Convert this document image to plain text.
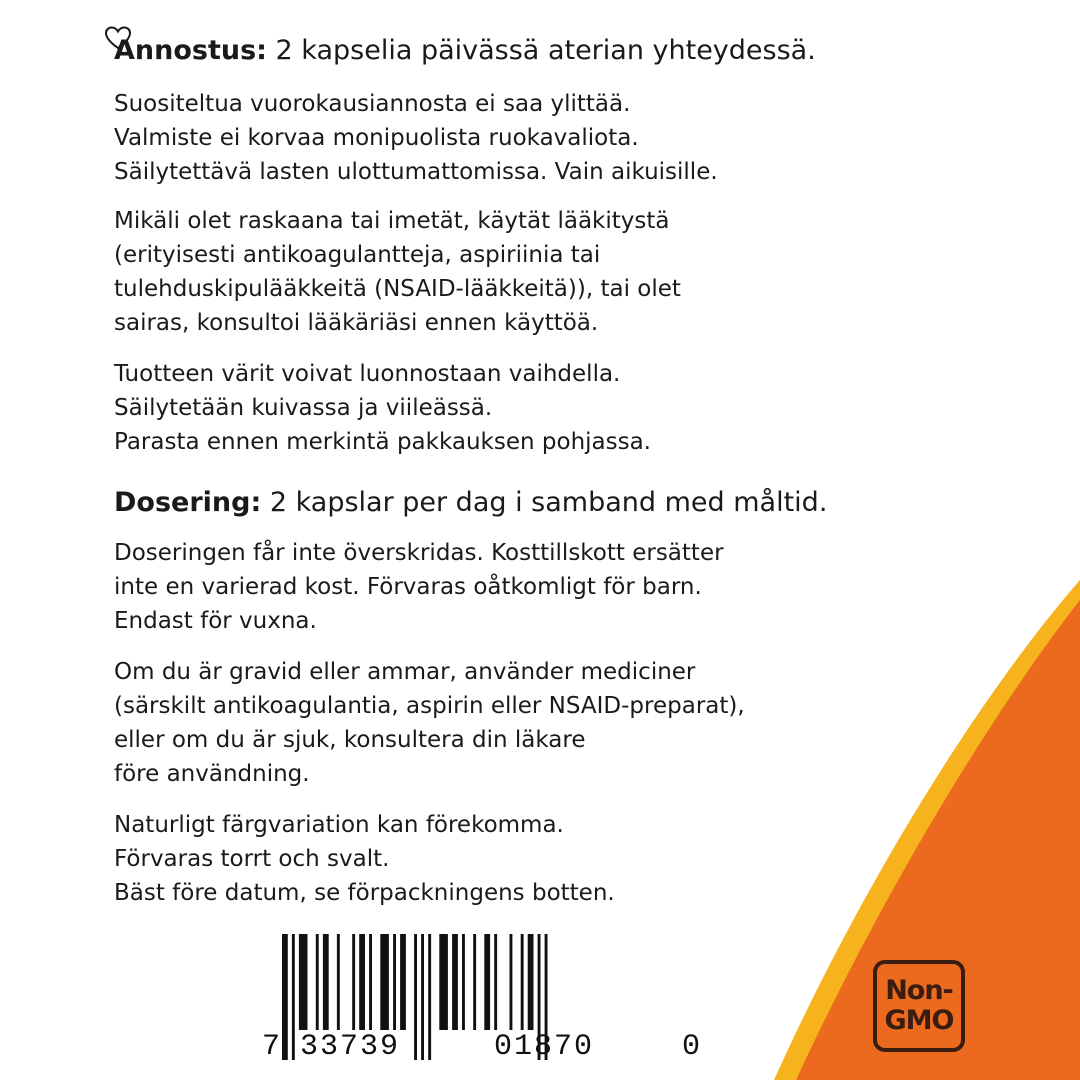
Annostus: 2 kapselia päivässä aterian yhteydessä.
Suositeltua vuorokausiannosta ei saa ylittää.
Valmiste ei korvaa monipuolista ruokavaliota.
Säilytettävä lasten ulottumattomissa. Vain aikuisille.
Mikäli olet raskaana tai imetät, käytät lääkitystä
(erityisesti antikoagulantteja, aspiriinia tai
tulehduskipulääkkeitä (NSAID-lääkkeitä)), tai olet
sairas, konsultoi lääkäriäsi ennen käyttöä.
Tuotteen värit voivat luonnostaan vaihdella.
Säilytetään kuivassa ja viileässä.
Parasta ennen merkintä pakkauksen pohjassa.
Dosering: 2 kapslar per dag i samband med måltid.
Doseringen får inte överskridas. Kosttillskott ersätter
inte en varierad kost. Förvaras oåtkomligt för barn.
Endast för vuxna.
Om du är gravid eller ammar, använder mediciner
(särskilt antikoagulantia, aspirin eller NSAID-preparat),
eller om du är sjuk, konsultera din läkare
före användning.
Naturligt färgvariation kan förekomma.
Förvaras torrt och svalt.
Bäst före datum, se förpackningens botten.
7 33739	01870	0
Non-
GMO
